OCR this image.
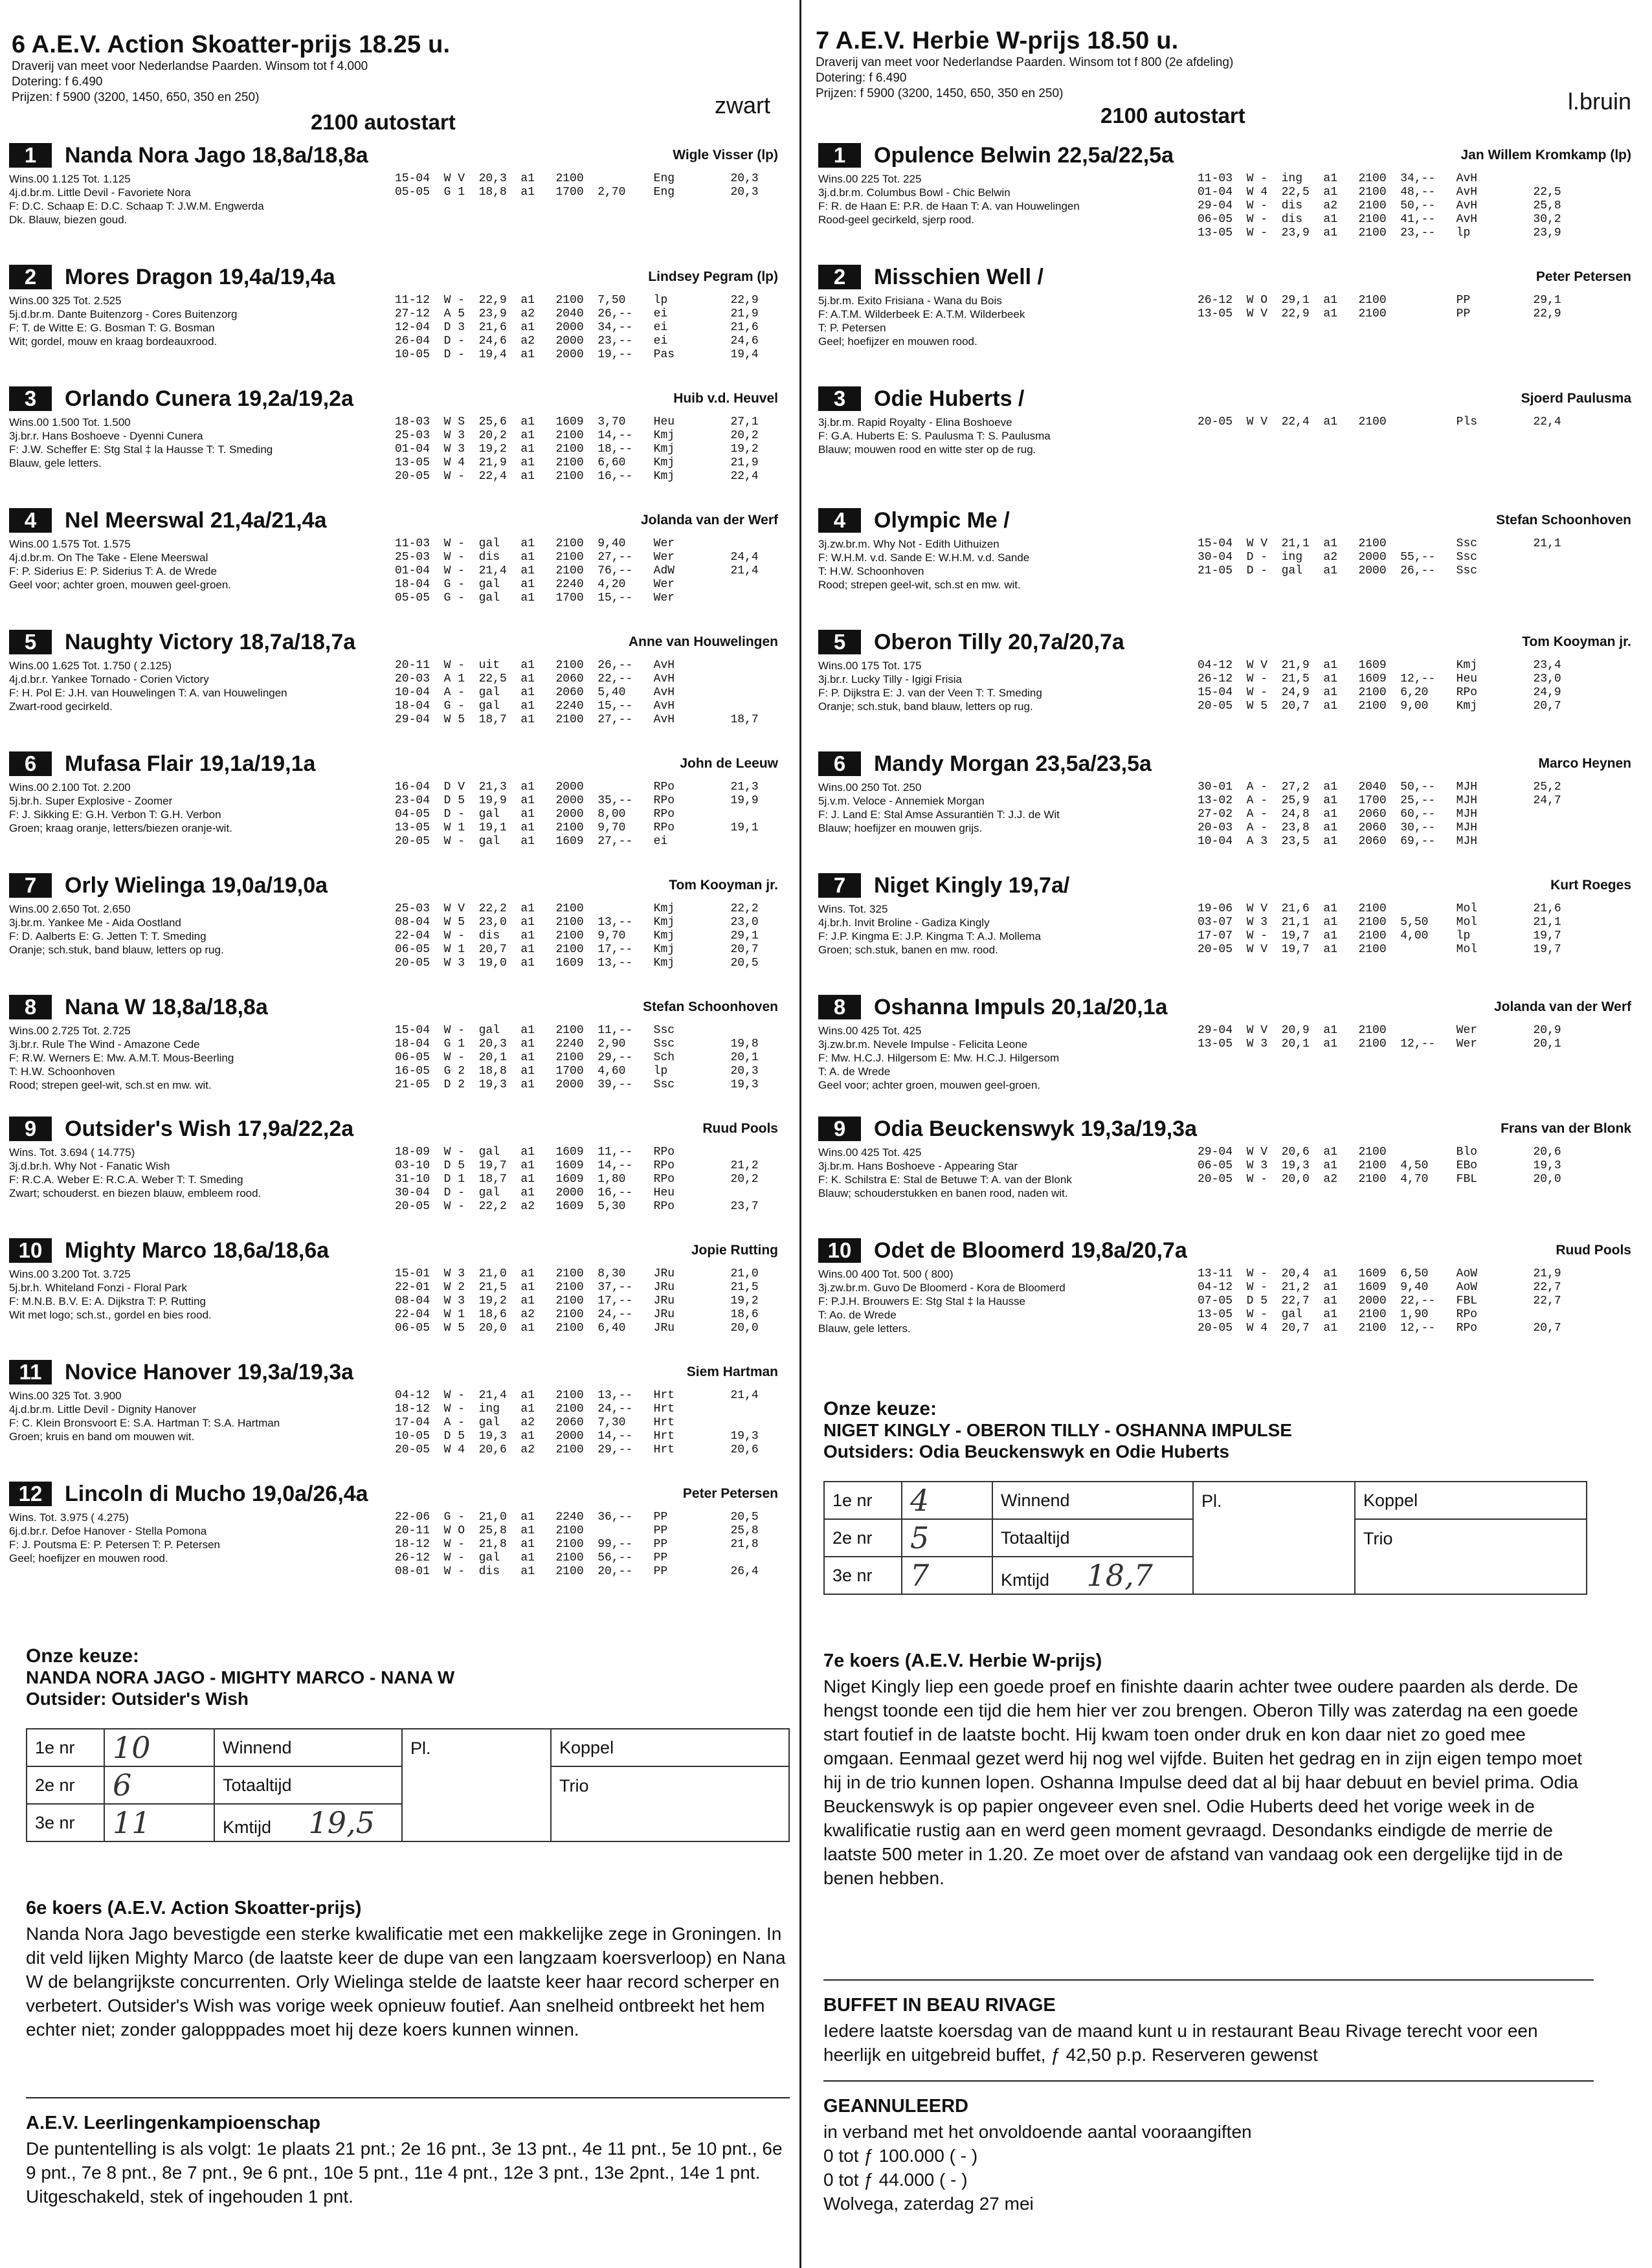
6 A.E.V. Action Skoatter-prijs 18.25 u.
Draverij van meet voor Nederlandse Paarden. Winsom tot f 4.000
Dotering: f 6.490
Prijzen: f 5900 (3200, 1450, 650, 350 en 250)	zwart
2100 autostart
1	Nanda Nora Jago 18,8a/18,8a	Wigle Visser (lp)
Wins.00 1.125 Tot. 1.125
4j.d.br.m. Little Devil - Favoriete Nora
F: D.C. Schaap E: D.C. Schaap T: J.W.M. Engwerda
Dk. Blauw, biezen goud.
15-04  W V  20,3  a1   2100          Eng        20,3
05-05  G 1  18,8  a1   1700  2,70    Eng        20,3
2	Mores Dragon 19,4a/19,4a	Lindsey Pegram (lp)
Wins.00 325 Tot. 2.525
5j.d.br.m. Dante Buitenzorg - Cores Buitenzorg
F: T. de Witte E: G. Bosman T: G. Bosman
Wit; gordel, mouw en kraag bordeauxrood.
11-12  W -  22,9  a1   2100  7,50    lp         22,9
27-12  A 5  23,9  a2   2040  26,--   ei         21,9
12-04  D 3  21,6  a1   2000  34,--   ei         21,6
26-04  D -  24,6  a2   2000  23,--   ei         24,6
10-05  D -  19,4  a1   2000  19,--   Pas        19,4
3	Orlando Cunera 19,2a/19,2a	Huib v.d. Heuvel
Wins.00 1.500 Tot. 1.500
3j.br.r. Hans Boshoeve - Dyenni Cunera
F: J.W. Scheffer E: Stg Stal ‡ la Hausse T: T. Smeding
Blauw, gele letters.
18-03  W S  25,6  a1   1609  3,70    Heu        27,1
25-03  W 3  20,2  a1   2100  14,--   Kmj        20,2
01-04  W 3  19,2  a1   2100  18,--   Kmj        19,2
13-05  W 4  21,9  a1   2100  6,60    Kmj        21,9
20-05  W -  22,4  a1   2100  16,--   Kmj        22,4
4	Nel Meerswal 21,4a/21,4a	Jolanda van der Werf
Wins.00 1.575 Tot. 1.575
4j.d.br.m. On The Take - Elene Meerswal
F: P. Siderius E: P. Siderius T: A. de Wrede
Geel voor; achter groen, mouwen geel-groen.
11-03  W -  gal   a1   2100  9,40    Wer
25-03  W -  dis   a1   2100  27,--   Wer        24,4
01-04  W -  21,4  a1   2100  76,--   AdW        21,4
18-04  G -  gal   a1   2240  4,20    Wer
05-05  G -  gal   a1   1700  15,--   Wer
5	Naughty Victory 18,7a/18,7a	Anne van Houwelingen
Wins.00 1.625 Tot. 1.750 ( 2.125)
4j.d.br.r. Yankee Tornado - Corien Victory
F: H. Pol E: J.H. van Houwelingen T: A. van Houwelingen
Zwart-rood gecirkeld.
20-11  W -  uit   a1   2100  26,--   AvH
20-03  A 1  22,5  a1   2060  22,--   AvH
10-04  A -  gal   a1   2060  5,40    AvH
18-04  G -  gal   a1   2240  15,--   AvH
29-04  W 5  18,7  a1   2100  27,--   AvH        18,7
6	Mufasa Flair 19,1a/19,1a	John de Leeuw
Wins.00 2.100 Tot. 2.200
5j.br.h. Super Explosive - Zoomer
F: J. Sikking E: G.H. Verbon T: G.H. Verbon
Groen; kraag oranje, letters/biezen oranje-wit.
16-04  D V  21,3  a1   2000          RPo        21,3
23-04  D 5  19,9  a1   2000  35,--   RPo        19,9
04-05  D -  gal   a1   2000  8,00    RPo
13-05  W 1  19,1  a1   2100  9,70    RPo        19,1
20-05  W -  gal   a1   1609  27,--   ei
7	Orly Wielinga 19,0a/19,0a	Tom Kooyman jr.
Wins.00 2.650 Tot. 2.650
3j.br.m. Yankee Me - Aida Oostland
F: D. Aalberts E: G. Jetten T: T. Smeding
Oranje; sch.stuk, band blauw, letters op rug.
25-03  W V  22,2  a1   2100          Kmj        22,2
08-04  W 5  23,0  a1   2100  13,--   Kmj        23,0
22-04  W -  dis   a1   2100  9,70    Kmj        29,1
06-05  W 1  20,7  a1   2100  17,--   Kmj        20,7
20-05  W 3  19,0  a1   1609  13,--   Kmj        20,5
8	Nana W 18,8a/18,8a	Stefan Schoonhoven
Wins.00 2.725 Tot. 2.725
3j.br.r. Rule The Wind - Amazone Cede
F: R.W. Werners E: Mw. A.M.T. Mous-Beerling
T: H.W. Schoonhoven
Rood; strepen geel-wit, sch.st en mw. wit.
15-04  W -  gal   a1   2100  11,--   Ssc
18-04  G 1  20,3  a1   2240  2,90    Ssc        19,8
06-05  W -  20,1  a1   2100  29,--   Sch        20,1
16-05  G 2  18,8  a1   1700  4,60    lp         20,3
21-05  D 2  19,3  a1   2000  39,--   Ssc        19,3
9	Outsider's Wish 17,9a/22,2a	Ruud Pools
Wins. Tot. 3.694 ( 14.775)
3j.d.br.h. Why Not - Fanatic Wish
F: R.C.A. Weber E: R.C.A. Weber T: T. Smeding
Zwart; schouderst. en biezen blauw, embleem rood.
18-09  W -  gal   a1   1609  11,--   RPo
03-10  D 5  19,7  a1   1609  14,--   RPo        21,2
31-10  D 1  18,7  a1   1609  1,80    RPo        20,2
30-04  D -  gal   a1   2000  16,--   Heu
20-05  W -  22,2  a2   1609  5,30    RPo        23,7
10	Mighty Marco 18,6a/18,6a	Jopie Rutting
Wins.00 3.200 Tot. 3.725
5j.br.h. Whiteland Fonzi - Floral Park
F: M.N.B. B.V. E: A. Dijkstra T: P. Rutting
Wit met logo; sch.st., gordel en bies rood.
15-01  W 3  21,0  a1   2100  8,30    JRu        21,0
22-01  W 2  21,5  a1   2100  37,--   JRu        21,5
08-04  W 3  19,2  a1   2100  17,--   JRu        19,2
22-04  W 1  18,6  a2   2100  24,--   JRu        18,6
06-05  W 5  20,0  a1   2100  6,40    JRu        20,0
11	Novice Hanover 19,3a/19,3a	Siem Hartman
Wins.00 325 Tot. 3.900
4j.d.br.m. Little Devil - Dignity Hanover
F: C. Klein Bronsvoort E: S.A. Hartman T: S.A. Hartman
Groen; kruis en band om mouwen wit.
04-12  W -  21,4  a1   2100  13,--   Hrt        21,4
18-12  W -  ing   a1   2100  24,--   Hrt
17-04  A -  gal   a2   2060  7,30    Hrt
10-05  D 5  19,3  a1   2000  14,--   Hrt        19,3
20-05  W 4  20,6  a2   2100  29,--   Hrt        20,6
12	Lincoln di Mucho 19,0a/26,4a	Peter Petersen
Wins. Tot. 3.975 ( 4.275)
6j.d.br.r. Defoe Hanover - Stella Pomona
F: J. Poutsma E: P. Petersen T: P. Petersen
Geel; hoefijzer en mouwen rood.
22-06  G -  21,0  a1   2240  36,--   PP         20,5
20-11  W O  25,8  a1   2100          PP         25,8
18-12  W -  21,8  a1   2100  99,--   PP         21,8
26-12  W -  gal   a1   2100  56,--   PP
08-01  W -  dis   a1   2100  20,--   PP         26,4
Onze keuze:
NANDA NORA JAGO - MIGHTY MARCO - NANA W
Outsider: Outsider's Wish
1e nr	10	Winnend	Pl.	Koppel
2e nr	6	Totaaltijd		Trio
3e nr	11	Kmtijd 19,5		
6e koers (A.E.V. Action Skoatter-prijs)
Nanda Nora Jago bevestigde een sterke kwalificatie met een makkelijke zege in Groningen. In dit veld lijken Mighty Marco (de laatste keer de dupe van een langzaam koersverloop) en Nana W de belangrijkste concurrenten. Orly Wielinga stelde de laatste keer haar record scherper en verbetert. Outsider's Wish was vorige week opnieuw foutief. Aan snelheid ontbreekt het hem echter niet; zonder galopppades moet hij deze koers kunnen winnen.
A.E.V. Leerlingenkampioenschap
De puntentelling is als volgt: 1e plaats 21 pnt.; 2e 16 pnt., 3e 13 pnt., 4e 11 pnt., 5e 10 pnt., 6e 9 pnt., 7e 8 pnt., 8e 7 pnt., 9e 6 pnt., 10e 5 pnt., 11e 4 pnt., 12e 3 pnt., 13e 2pnt., 14e 1 pnt. Uitgeschakeld, stek of ingehouden 1 pnt.
7 A.E.V. Herbie W-prijs 18.50 u.
Draverij van meet voor Nederlandse Paarden. Winsom tot f 800 (2e afdeling)
Dotering: f 6.490
Prijzen: f 5900 (3200, 1450, 650, 350 en 250)	l.bruin
2100 autostart
1	Opulence Belwin 22,5a/22,5a	Jan Willem Kromkamp (lp)
Wins.00 225 Tot. 225
3j.d.br.m. Columbus Bowl - Chic Belwin
F: R. de Haan E: P.R. de Haan T: A. van Houwelingen
Rood-geel gecirkeld, sjerp rood.
11-03  W -  ing   a1   2100  34,--   AvH
01-04  W 4  22,5  a1   2100  48,--   AvH        22,5
29-04  W -  dis   a2   2100  50,--   AvH        25,8
06-05  W -  dis   a1   2100  41,--   AvH        30,2
13-05  W -  23,9  a1   2100  23,--   lp         23,9
2	Misschien Well /	Peter Petersen
5j.br.m. Exito Frisiana - Wana du Bois
F: A.T.M. Wilderbeek E: A.T.M. Wilderbeek
T: P. Petersen
Geel; hoefijzer en mouwen rood.
26-12  W O  29,1  a1   2100          PP         29,1
13-05  W V  22,9  a1   2100          PP         22,9
3	Odie Huberts /	Sjoerd Paulusma
3j.br.m. Rapid Royalty - Elina Boshoeve
F: G.A. Huberts E: S. Paulusma T: S. Paulusma
Blauw; mouwen rood en witte ster op de rug.
20-05  W V  22,4  a1   2100          Pls        22,4
4	Olympic Me /	Stefan Schoonhoven
3j.zw.br.m. Why Not - Edith Uithuizen
F: W.H.M. v.d. Sande E: W.H.M. v.d. Sande
T: H.W. Schoonhoven
Rood; strepen geel-wit, sch.st en mw. wit.
15-04  W V  21,1  a1   2100          Ssc        21,1
30-04  D -  ing   a2   2000  55,--   Ssc
21-05  D -  gal   a1   2000  26,--   Ssc
5	Oberon Tilly 20,7a/20,7a	Tom Kooyman jr.
Wins.00 175 Tot. 175
3j.br.r. Lucky Tilly - Igigi Frisia
F: P. Dijkstra E: J. van der Veen T: T. Smeding
Oranje; sch.stuk, band blauw, letters op rug.
04-12  W V  21,9  a1   1609          Kmj        23,4
26-12  W -  21,5  a1   1609  12,--   Heu        23,0
15-04  W -  24,9  a1   2100  6,20    RPo        24,9
20-05  W 5  20,7  a1   2100  9,00    Kmj        20,7
6	Mandy Morgan 23,5a/23,5a	Marco Heynen
Wins.00 250 Tot. 250
5j.v.m. Veloce - Annemiek Morgan
F: J. Land E: Stal Amse Assurantiën T: J.J. de Wit
Blauw; hoefijzer en mouwen grijs.
30-01  A -  27,2  a1   2040  50,--   MJH        25,2
13-02  A -  25,9  a1   1700  25,--   MJH        24,7
27-02  A -  24,8  a1   2060  60,--   MJH
20-03  A -  23,8  a1   2060  30,--   MJH
10-04  A 3  23,5  a1   2060  69,--   MJH
7	Niget Kingly 19,7a/	Kurt Roeges
Wins. Tot. 325
4j.br.h. Invit Broline - Gadiza Kingly
F: J.P. Kingma E: J.P. Kingma T: A.J. Mollema
Groen; sch.stuk, banen en mw. rood.
19-06  W V  21,6  a1   2100          Mol        21,6
03-07  W 3  21,1  a1   2100  5,50    Mol        21,1
17-07  W -  19,7  a1   2100  4,00    lp         19,7
20-05  W V  19,7  a1   2100          Mol        19,7
8	Oshanna Impuls 20,1a/20,1a	Jolanda van der Werf
Wins.00 425 Tot. 425
3j.zw.br.m. Nevele Impulse - Felicita Leone
F: Mw. H.C.J. Hilgersom E: Mw. H.C.J. Hilgersom
T: A. de Wrede
Geel voor; achter groen, mouwen geel-groen.
29-04  W V  20,9  a1   2100          Wer        20,9
13-05  W 3  20,1  a1   2100  12,--   Wer        20,1
9	Odia Beuckenswyk 19,3a/19,3a	Frans van der Blonk
Wins.00 425 Tot. 425
3j.br.m. Hans Boshoeve - Appearing Star
F: K. Schilstra E: Stal de Betuwe T: A. van der Blonk
Blauw; schouderstukken en banen rood, naden wit.
29-04  W V  20,6  a1   2100          Blo        20,6
06-05  W 3  19,3  a1   2100  4,50    EBo        19,3
20-05  W -  20,0  a2   2100  4,70    FBL        20,0
10	Odet de Bloomerd 19,8a/20,7a	Ruud Pools
Wins.00 400 Tot. 500 ( 800)
3j.zw.br.m. Guvo De Bloomerd - Kora de Bloomerd
F: P.J.H. Brouwers E: Stg Stal ‡ la Hausse
T: Ao. de Wrede
Blauw, gele letters.
13-11  W -  20,4  a1   1609  6,50    AoW        21,9
04-12  W -  21,2  a1   1609  9,40    AoW        22,7
07-05  D 5  22,7  a1   2000  22,--   FBL        22,7
13-05  W -  gal   a1   2100  1,90    RPo
20-05  W 4  20,7  a1   2100  12,--   RPo        20,7
Onze keuze:
NIGET KINGLY - OBERON TILLY - OSHANNA IMPULSE
Outsiders: Odia Beuckenswyk en Odie Huberts
1e nr	4	Winnend	Pl.	Koppel
2e nr	5	Totaaltijd		Trio
3e nr	7	Kmtijd 18,7		
7e koers (A.E.V. Herbie W-prijs)
Niget Kingly liep een goede proef en finishte daarin achter twee oudere paarden als derde. De hengst toonde een tijd die hem hier ver zou brengen. Oberon Tilly was zaterdag na een goede start foutief in de laatste bocht. Hij kwam toen onder druk en kon daar niet zo goed mee omgaan. Eenmaal gezet werd hij nog wel vijfde. Buiten het gedrag en in zijn eigen tempo moet hij in de trio kunnen lopen. Oshanna Impulse deed dat al bij haar debuut en beviel prima. Odia Beuckenswyk is op papier ongeveer even snel. Odie Huberts deed het vorige week in de kwalificatie rustig aan en werd geen moment gevraagd. Desondanks eindigde de merrie de laatste 500 meter in 1.20. Ze moet over de afstand van vandaag ook een dergelijke tijd in de benen hebben.
BUFFET IN BEAU RIVAGE
Iedere laatste koersdag van de maand kunt u in restaurant Beau Rivage terecht voor een heerlijk en uitgebreid buffet, ƒ 42,50 p.p. Reserveren gewenst
GEANNULEERD
in verband met het onvoldoende aantal vooraangiften
0 tot ƒ 100.000 ( - )
0 tot ƒ 44.000 ( - )
Wolvega, zaterdag 27 mei
